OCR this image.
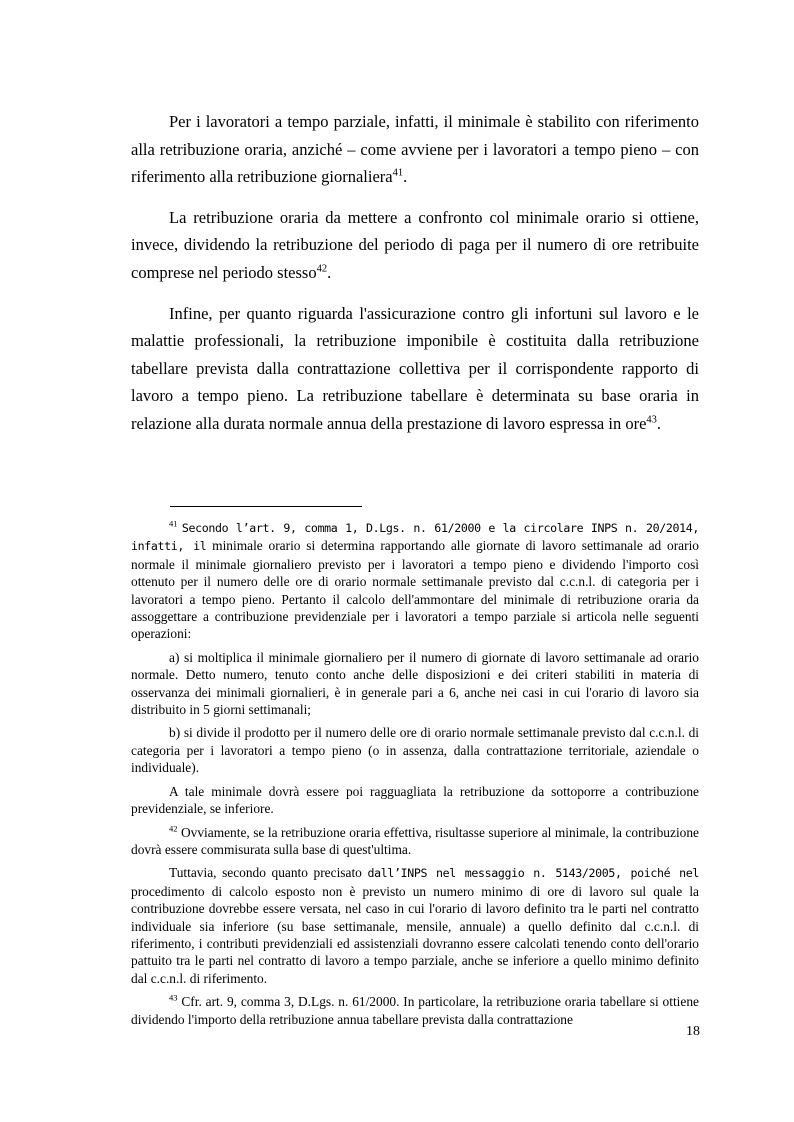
Per i lavoratori a tempo parziale, infatti, il minimale è stabilito con riferimento alla retribuzione oraria, anziché – come avviene per i lavoratori a tempo pieno – con riferimento alla retribuzione giornaliera$^{41}$.

La retribuzione oraria da mettere a confronto col minimale orario si ottiene, invece, dividendo la retribuzione del periodo di paga per il numero di ore retribuite comprese nel periodo stesso$^{42}$.

Infine, per quanto riguarda l'assicurazione contro gli infortuni sul lavoro e le malattie professionali, la retribuzione imponibile è costituita dalla retribuzione tabellare prevista dalla contrattazione collettiva per il corrispondente rapporto di lavoro a tempo pieno. La retribuzione tabellare è determinata su base oraria in relazione alla durata normale annua della prestazione di lavoro espressa in ore$^{43}$.

$^{41}$ Secondo l’art. 9, comma 1, D.Lgs. n. 61/2000 e la circolare INPS n. 20/2014, infatti, il minimale orario si determina rapportando alle giornate di lavoro settimanale ad orario normale il minimale giornaliero previsto per i lavoratori a tempo pieno e dividendo l'importo così ottenuto per il numero delle ore di orario normale settimanale previsto dal c.c.n.l. di categoria per i lavoratori a tempo pieno. Pertanto il calcolo dell'ammontare del minimale di retribuzione oraria da assoggettare a contribuzione previdenziale per i lavoratori a tempo parziale si articola nelle seguenti operazioni:

a) si moltiplica il minimale giornaliero per il numero di giornate di lavoro settimanale ad orario normale. Detto numero, tenuto conto anche delle disposizioni e dei criteri stabiliti in materia di osservanza dei minimali giornalieri, è in generale pari a 6, anche nei casi in cui l'orario di lavoro sia distribuito in 5 giorni settimanali;

b) si divide il prodotto per il numero delle ore di orario normale settimanale previsto dal c.c.n.l. di categoria per i lavoratori a tempo pieno (o in assenza, dalla contrattazione territoriale, aziendale o individuale).

A tale minimale dovrà essere poi ragguagliata la retribuzione da sottoporre a contribuzione previdenziale, se inferiore.

$^{42}$ Ovviamente, se la retribuzione oraria effettiva, risultasse superiore al minimale, la contribuzione dovrà essere commisurata sulla base di quest'ultima.

Tuttavia, secondo quanto precisato dall’INPS nel messaggio n. 5143/2005, poiché nel procedimento di calcolo esposto non è previsto un numero minimo di ore di lavoro sul quale la contribuzione dovrebbe essere versata, nel caso in cui l'orario di lavoro definito tra le parti nel contratto individuale sia inferiore (su base settimanale, mensile, annuale) a quello definito dal c.c.n.l. di riferimento, i contributi previdenziali ed assistenziali dovranno essere calcolati tenendo conto dell'orario pattuito tra le parti nel contratto di lavoro a tempo parziale, anche se inferiore a quello minimo definito dal c.c.n.l. di riferimento.

$^{43}$ Cfr. art. 9, comma 3, D.Lgs. n. 61/2000. In particolare, la retribuzione oraria tabellare si ottiene dividendo l'importo della retribuzione annua tabellare prevista dalla contrattazione

18
